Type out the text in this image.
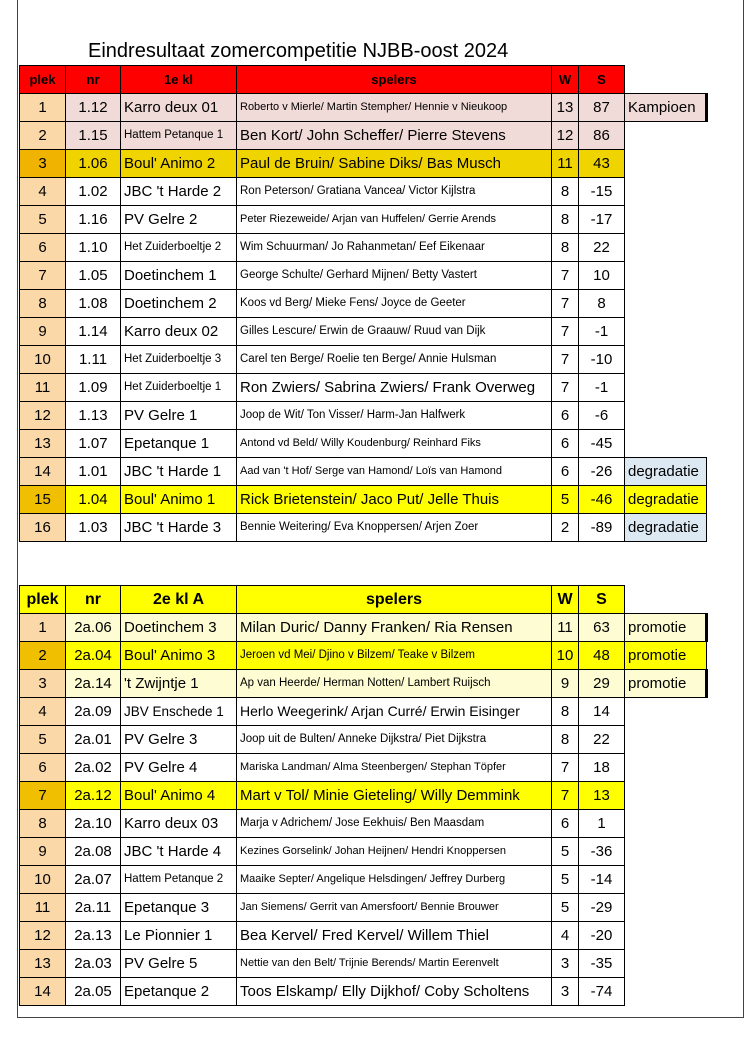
Eindresultaat zomercompetitie NJBB-oost 2024
plek	nr	1e kl	spelers	W	S	
1	1.12	Karro deux 01	Roberto v Mierle/ Martin Stempher/ Hennie v Nieukoop	13	87	Kampioen
2	1.15	Hattem Petanque 1	Ben Kort/ John Scheffer/ Pierre Stevens	12	86	
3	1.06	Boul' Animo 2	Paul de Bruin/ Sabine Diks/ Bas Musch	11	43	
4	1.02	JBC 't Harde 2	Ron Peterson/ Gratiana Vancea/ Victor Kijlstra	8	-15	
5	1.16	PV Gelre 2	Peter Riezeweide/ Arjan van Huffelen/ Gerrie Arends	8	-17	
6	1.10	Het Zuiderboeltje 2	Wim Schuurman/ Jo Rahanmetan/ Eef Eikenaar	8	22	
7	1.05	Doetinchem 1	George Schulte/ Gerhard Mijnen/ Betty Vastert	7	10	
8	1.08	Doetinchem 2	Koos vd Berg/ Mieke Fens/ Joyce de Geeter	7	8	
9	1.14	Karro deux 02	Gilles Lescure/ Erwin de Graauw/ Ruud van Dijk	7	-1	
10	1.11	Het Zuiderboeltje 3	Carel ten Berge/ Roelie ten Berge/ Annie Hulsman	7	-10	
11	1.09	Het Zuiderboeltje 1	Ron Zwiers/ Sabrina Zwiers/ Frank Overweg	7	-1	
12	1.13	PV Gelre 1	Joop de Wit/ Ton Visser/ Harm-Jan Halfwerk	6	-6	
13	1.07	Epetanque 1	Antond vd Beld/ Willy Koudenburg/ Reinhard Fiks	6	-45	
14	1.01	JBC 't Harde 1	Aad van 't Hof/ Serge van Hamond/ Loïs van Hamond	6	-26	degradatie
15	1.04	Boul' Animo 1	Rick Brietenstein/ Jaco Put/ Jelle Thuis	5	-46	degradatie
16	1.03	JBC 't Harde 3	Bennie Weitering/ Eva Knoppersen/ Arjen Zoer	2	-89	degradatie
plek	nr	2e kl A	spelers	W	S	
1	2a.06	Doetinchem 3	Milan Duric/ Danny Franken/ Ria Rensen	11	63	promotie
2	2a.04	Boul' Animo 3	Jeroen vd Mei/ Djino v Bilzem/ Teake v Bilzem	10	48	promotie
3	2a.14	't Zwijntje 1	Ap van Heerde/ Herman Notten/ Lambert Ruijsch	9	29	promotie
4	2a.09	JBV Enschede 1	Herlo Weegerink/ Arjan Curré/ Erwin Eisinger	8	14	
5	2a.01	PV Gelre 3	Joop uit de Bulten/ Anneke Dijkstra/ Piet Dijkstra	8	22	
6	2a.02	PV Gelre 4	Mariska Landman/ Alma Steenbergen/ Stephan Töpfer	7	18	
7	2a.12	Boul' Animo 4	Mart v Tol/ Minie Gieteling/ Willy Demmink	7	13	
8	2a.10	Karro deux 03	Marja v Adrichem/ Jose Eekhuis/ Ben Maasdam	6	1	
9	2a.08	JBC 't Harde 4	Kezines Gorselink/ Johan Heijnen/ Hendri Knoppersen	5	-36	
10	2a.07	Hattem Petanque 2	Maaike Septer/ Angelique Helsdingen/ Jeffrey Durberg	5	-14	
11	2a.11	Epetanque 3	Jan Siemens/ Gerrit van Amersfoort/ Bennie Brouwer	5	-29	
12	2a.13	Le Pionnier 1	Bea Kervel/ Fred Kervel/ Willem Thiel	4	-20	
13	2a.03	PV Gelre 5	Nettie van den Belt/ Trijnie Berends/ Martin Eerenvelt	3	-35	
14	2a.05	Epetanque 2	Toos Elskamp/ Elly Dijkhof/ Coby Scholtens	3	-74	
